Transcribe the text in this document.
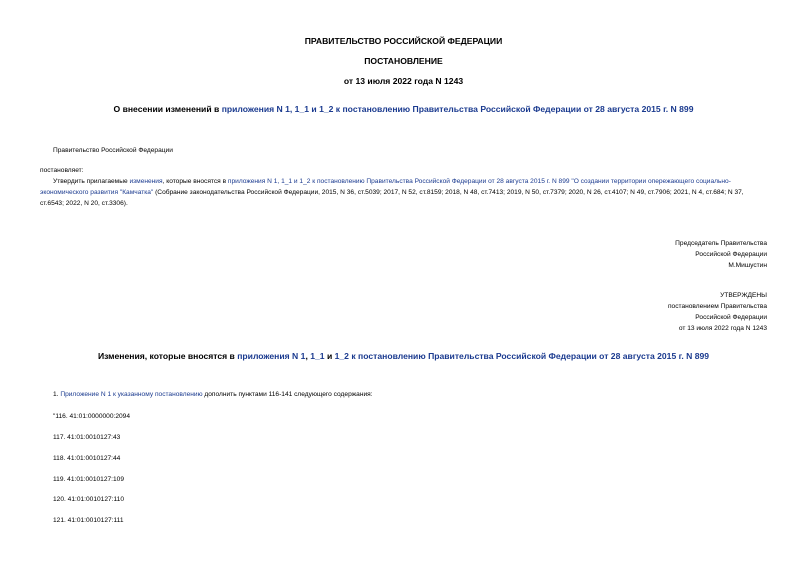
ПРАВИТЕЛЬСТВО РОССИЙСКОЙ ФЕДЕРАЦИИ
ПОСТАНОВЛЕНИЕ
от 13 июля 2022 года N 1243
О внесении изменений в приложения N 1, 1_1 и 1_2 к постановлению Правительства Российской Федерации от 28 августа 2015 г. N 899
Правительство Российской Федерации
постановляет:
Утвердить прилагаемые изменения, которые вносятся в приложения N 1, 1_1 и 1_2 к постановлению Правительства Российской Федерации от 28 августа 2015 г. N 899 "О создании территории опережающего социально-экономического развития "Камчатка" (Собрание законодательства Российской Федерации, 2015, N 36, ст.5039; 2017, N 52, ст.8159; 2018, N 48, ст.7413; 2019, N 50, ст.7379; 2020, N 26, ст.4107; N 49, ст.7906; 2021, N 4, ст.684; N 37, ст.6543; 2022, N 20, ст.3306).
Председатель Правительства
Российской Федерации
М.Мишустин
УТВЕРЖДЕНЫ
постановлением Правительства
Российской Федерации
от 13 июля 2022 года N 1243
Изменения, которые вносятся в приложения N 1, 1_1 и 1_2 к постановлению Правительства Российской Федерации от 28 августа 2015 г. N 899
1. Приложение N 1 к указанному постановлению дополнить пунктами 116-141 следующего содержания:
"116. 41:01:0000000:2094
117. 41:01:0010127:43
118. 41:01:0010127:44
119. 41:01:0010127:109
120. 41:01:0010127:110
121. 41:01:0010127:111
